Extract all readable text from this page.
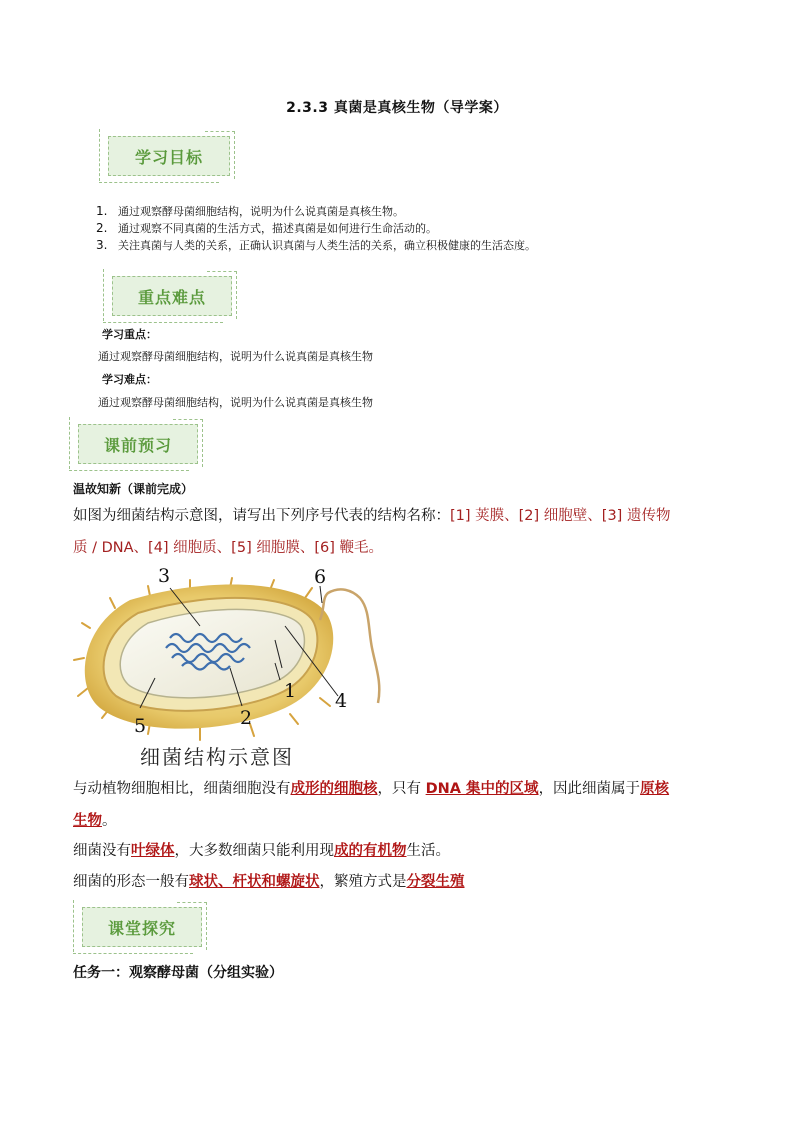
2.3.3 真菌是真核生物（导学案）
学习目标
1. 通过观察酵母菌细胞结构，说明为什么说真菌是真核生物。
2. 通过观察不同真菌的生活方式，描述真菌是如何进行生命活动的。
3. 关注真菌与人类的关系，正确认识真菌与人类生活的关系，确立积极健康的生活态度。
重点难点
学习重点：
通过观察酵母菌细胞结构，说明为什么说真菌是真核生物
学习难点：
通过观察酵母菌细胞结构，说明为什么说真菌是真核生物
课前预习
温故知新（课前完成）
如图为细菌结构示意图，请写出下列序号代表的结构名称：[1] 荚膜、[2] 细胞壁、[3] 遗传物
质 / DNA、[4] 细胞质、[5] 细胞膜、[6] 鞭毛。
3	6
1 4
2
5
细菌结构示意图
与动植物细胞相比，细菌细胞没有成形的细胞核，只有 DNA 集中的区域，因此细菌属于原核
生物。
细菌没有叶绿体，大多数细菌只能利用现成的有机物生活。
细菌的形态一般有球状、杆状和螺旋状，繁殖方式是分裂生殖
课堂探究
任务一：观察酵母菌（分组实验）
